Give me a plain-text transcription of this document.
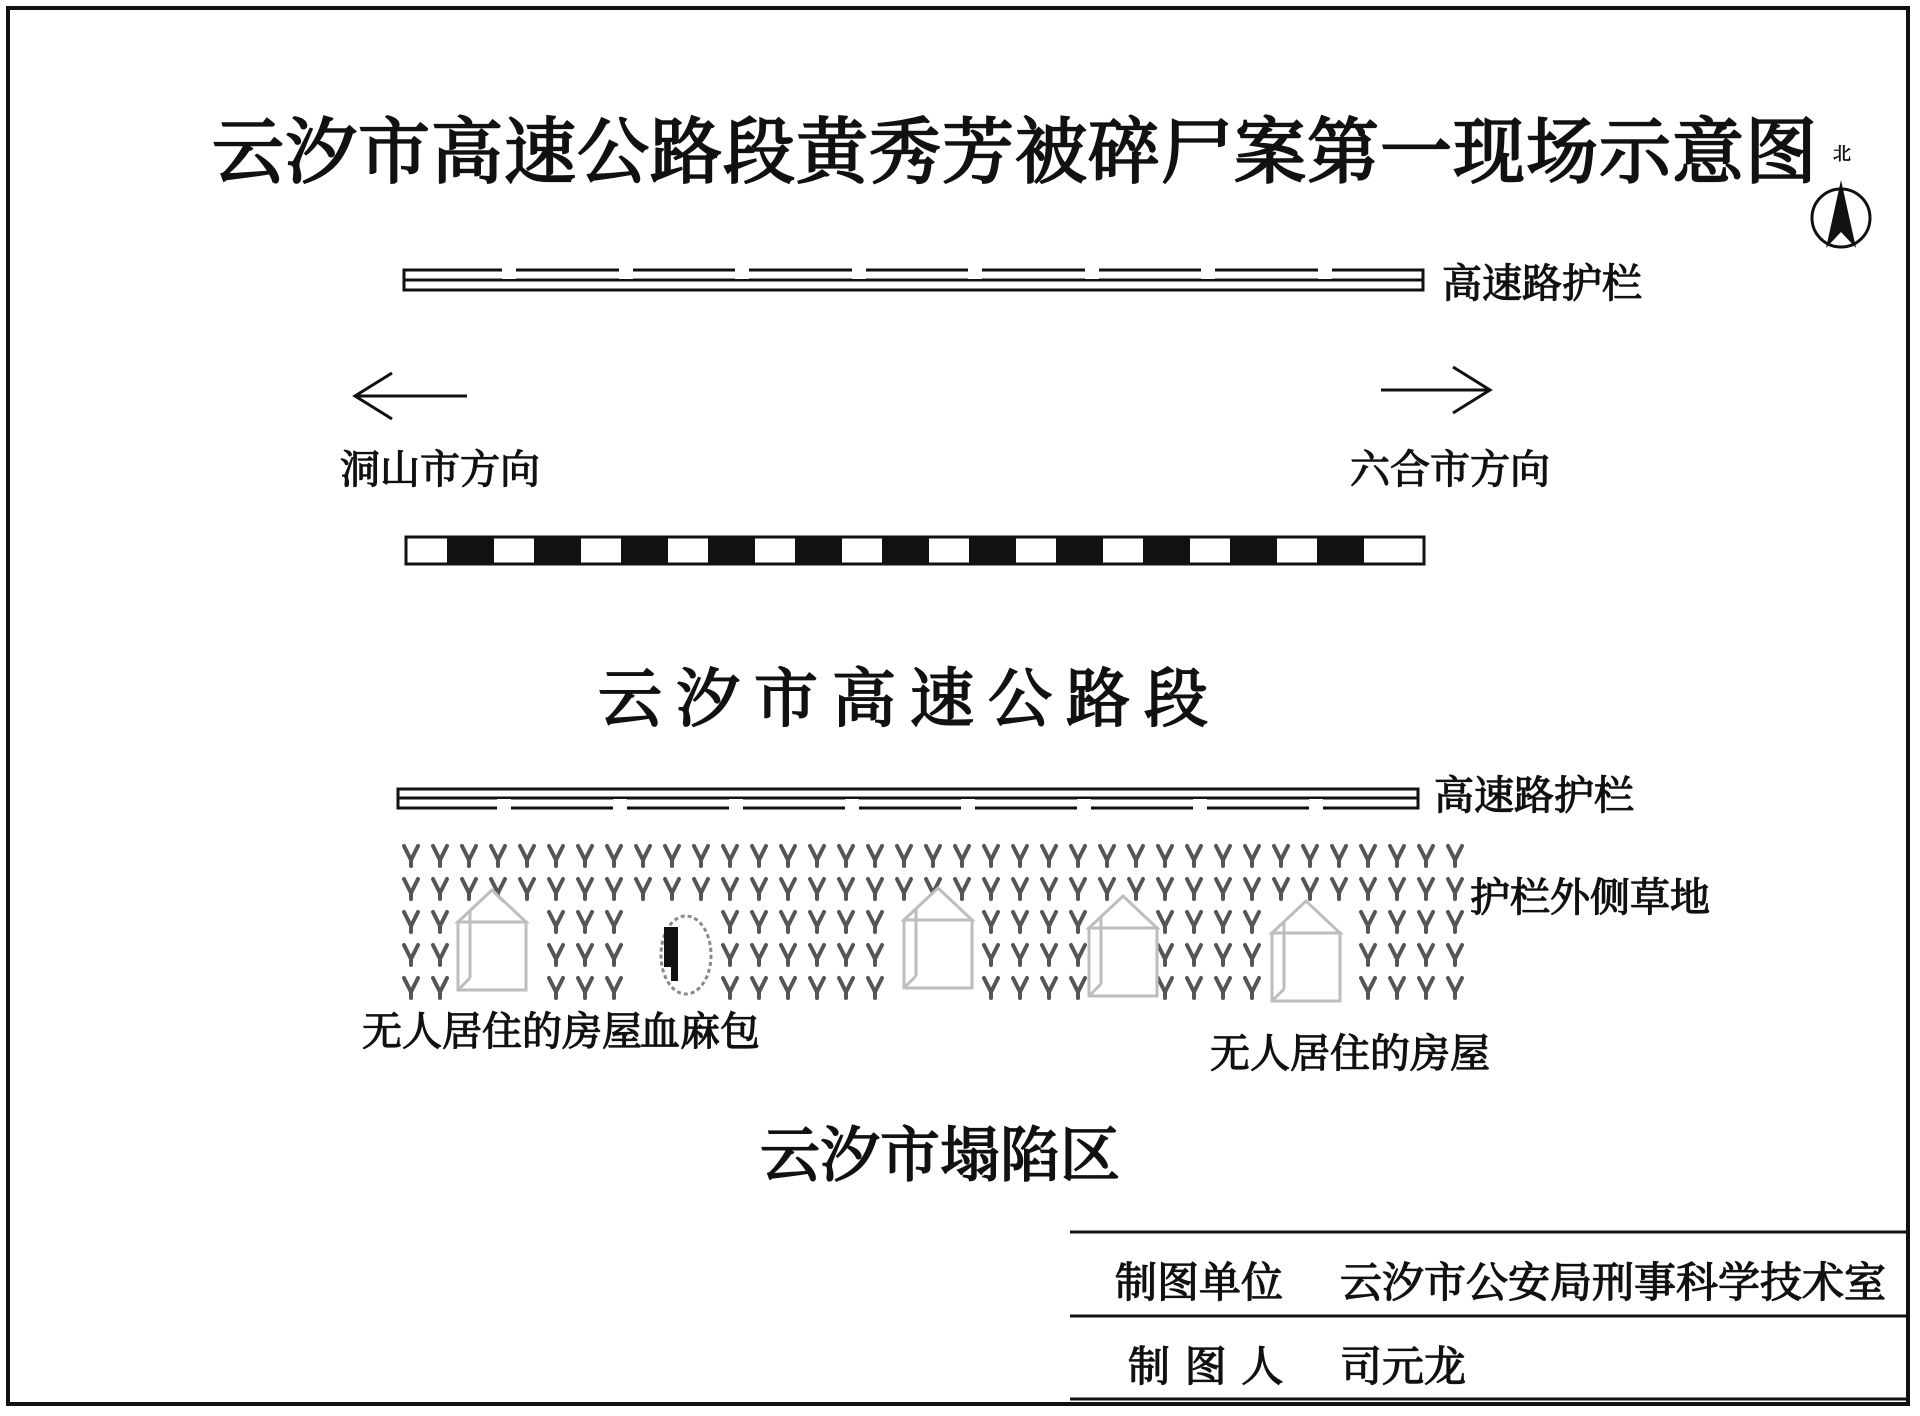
云汐市高速公路段黄秀芳被碎尸案第一现场示意图 北
高速路护栏
洞山市方向	六合市方向
云汐市高速公路段
高速路护栏
护栏外侧草地
无人居住的房屋
血麻包	无人居住的房屋
云汐市塌陷区
制图单位 云汐市公安局刑事科学技术室
制 图 人 司元龙
